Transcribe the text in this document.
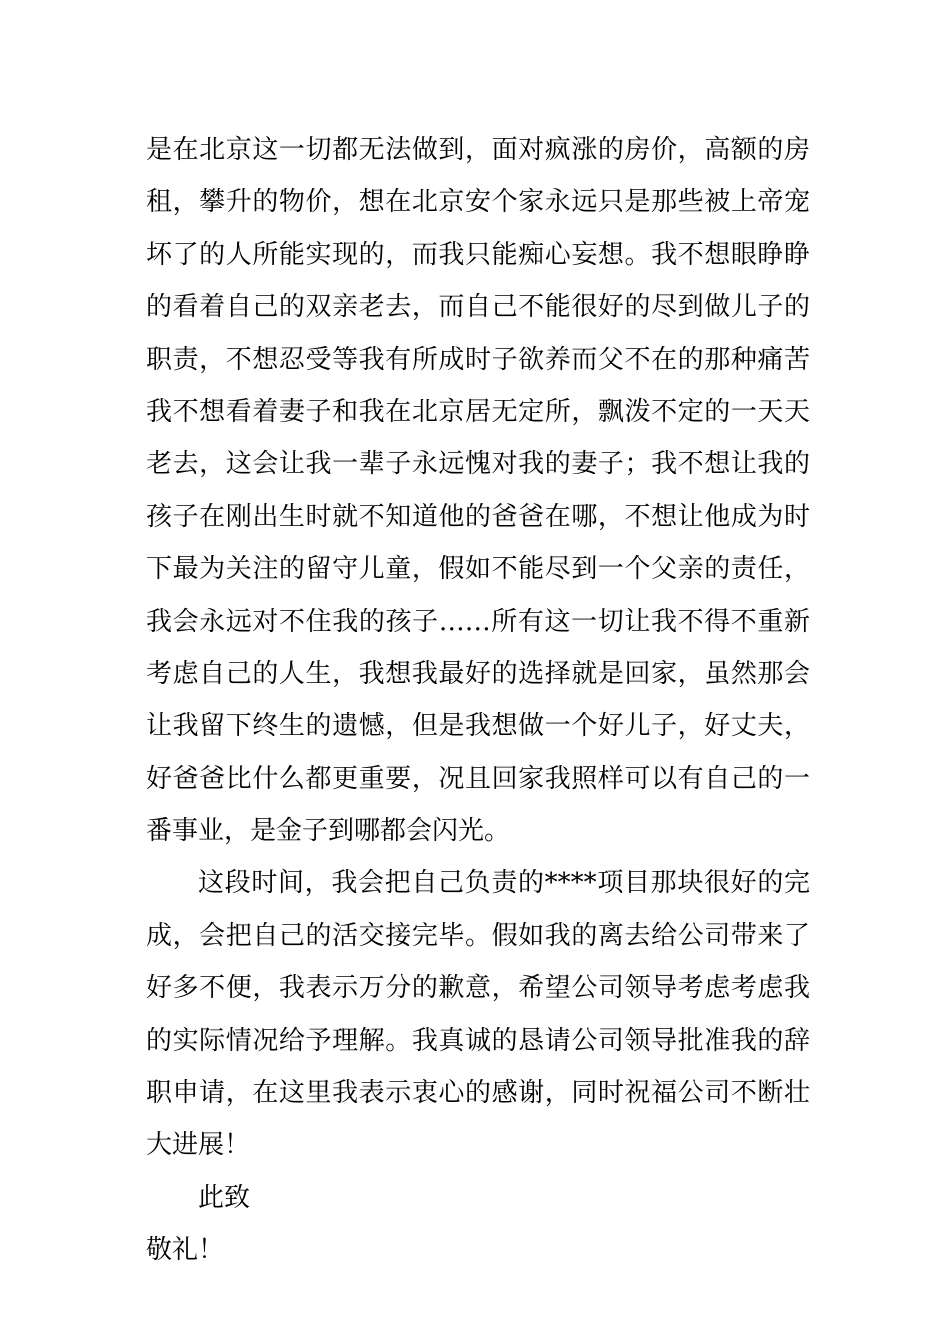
是在北京这一切都无法做到，面对疯涨的房价，高额的房
租，攀升的物价，想在北京安个家永远只是那些被上帝宠
坏了的人所能实现的，而我只能痴心妄想。我不想眼睁睁
的看着自己的双亲老去，而自己不能很好的尽到做儿子的
职责，不想忍受等我有所成时子欲养而父不在的那种痛苦
我不想看着妻子和我在北京居无定所，飘泼不定的一天天
老去，这会让我一辈子永远愧对我的妻子；我不想让我的
孩子在刚出生时就不知道他的爸爸在哪，不想让他成为时
下最为关注的留守儿童，假如不能尽到一个父亲的责任，
我会永远对不住我的孩子……所有这一切让我不得不重新
考虑自己的人生，我想我最好的选择就是回家，虽然那会
让我留下终生的遗憾，但是我想做一个好儿子，好丈夫，
好爸爸比什么都更重要，况且回家我照样可以有自己的一
番事业，是金子到哪都会闪光。
这段时间，我会把自己负责的****项目那块很好的完
成，会把自己的活交接完毕。假如我的离去给公司带来了
好多不便，我表示万分的歉意，希望公司领导考虑考虑我
的实际情况给予理解。我真诚的恳请公司领导批准我的辞
职申请，在这里我表示衷心的感谢，同时祝福公司不断壮
大进展！
此致
敬礼！
